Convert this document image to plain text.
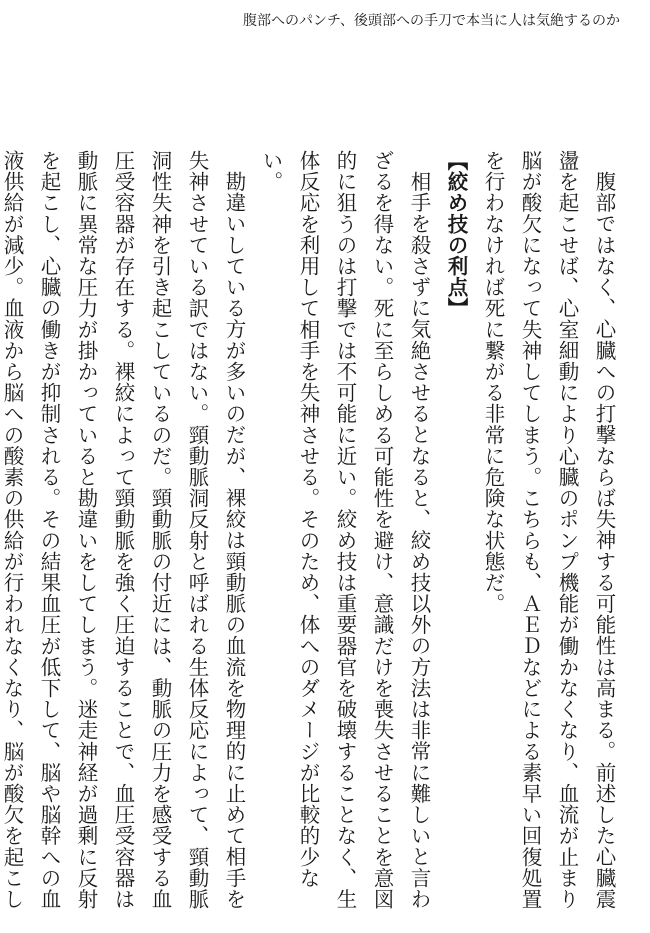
腹部へのパンチ、後頭部への手刀で本当に人は気絶するのか

腹部ではなく、心臓への打撃ならば失神する可能性は高まる。前述した心臓震盪を起こせば、心室細動により心臓のポンプ機能が働かなくなり、血流が止まり脳が酸欠になって失神してしまう。こちらも、ＡＥＤなどによる素早い回復処置を行わなければ死に繋がる非常に危険な状態だ。

【絞め技の利点】

相手を殺さずに気絶させるとなると、絞め技以外の方法は非常に難しいと言わざるを得ない。死に至らしめる可能性を避け、意識だけを喪失させることを意図的に狙うのは打撃では不可能に近い。絞め技は重要器官を破壊することなく、生体反応を利用して相手を失神させる。そのため、体へのダメージが比較的少ない。

勘違いしている方が多いのだが、裸絞は頸動脈の血流を物理的に止めて相手を失神させている訳ではない。頸動脈洞反射と呼ばれる生体反応によって、頸動脈洞性失神を引き起こしているのだ。頸動脈の付近には、動脈の圧力を感受する血圧受容器が存在する。裸絞によって頸動脈を強く圧迫することで、血圧受容器は動脈に異常な圧力が掛かっていると勘違いをしてしまう。迷走神経が過剰に反射を起こし、心臓の働きが抑制される。その結果血圧が低下して、脳や脳幹への血液供給が減少。血液から脳への酸素の供給が行われなくなり、脳が酸欠を起こし
